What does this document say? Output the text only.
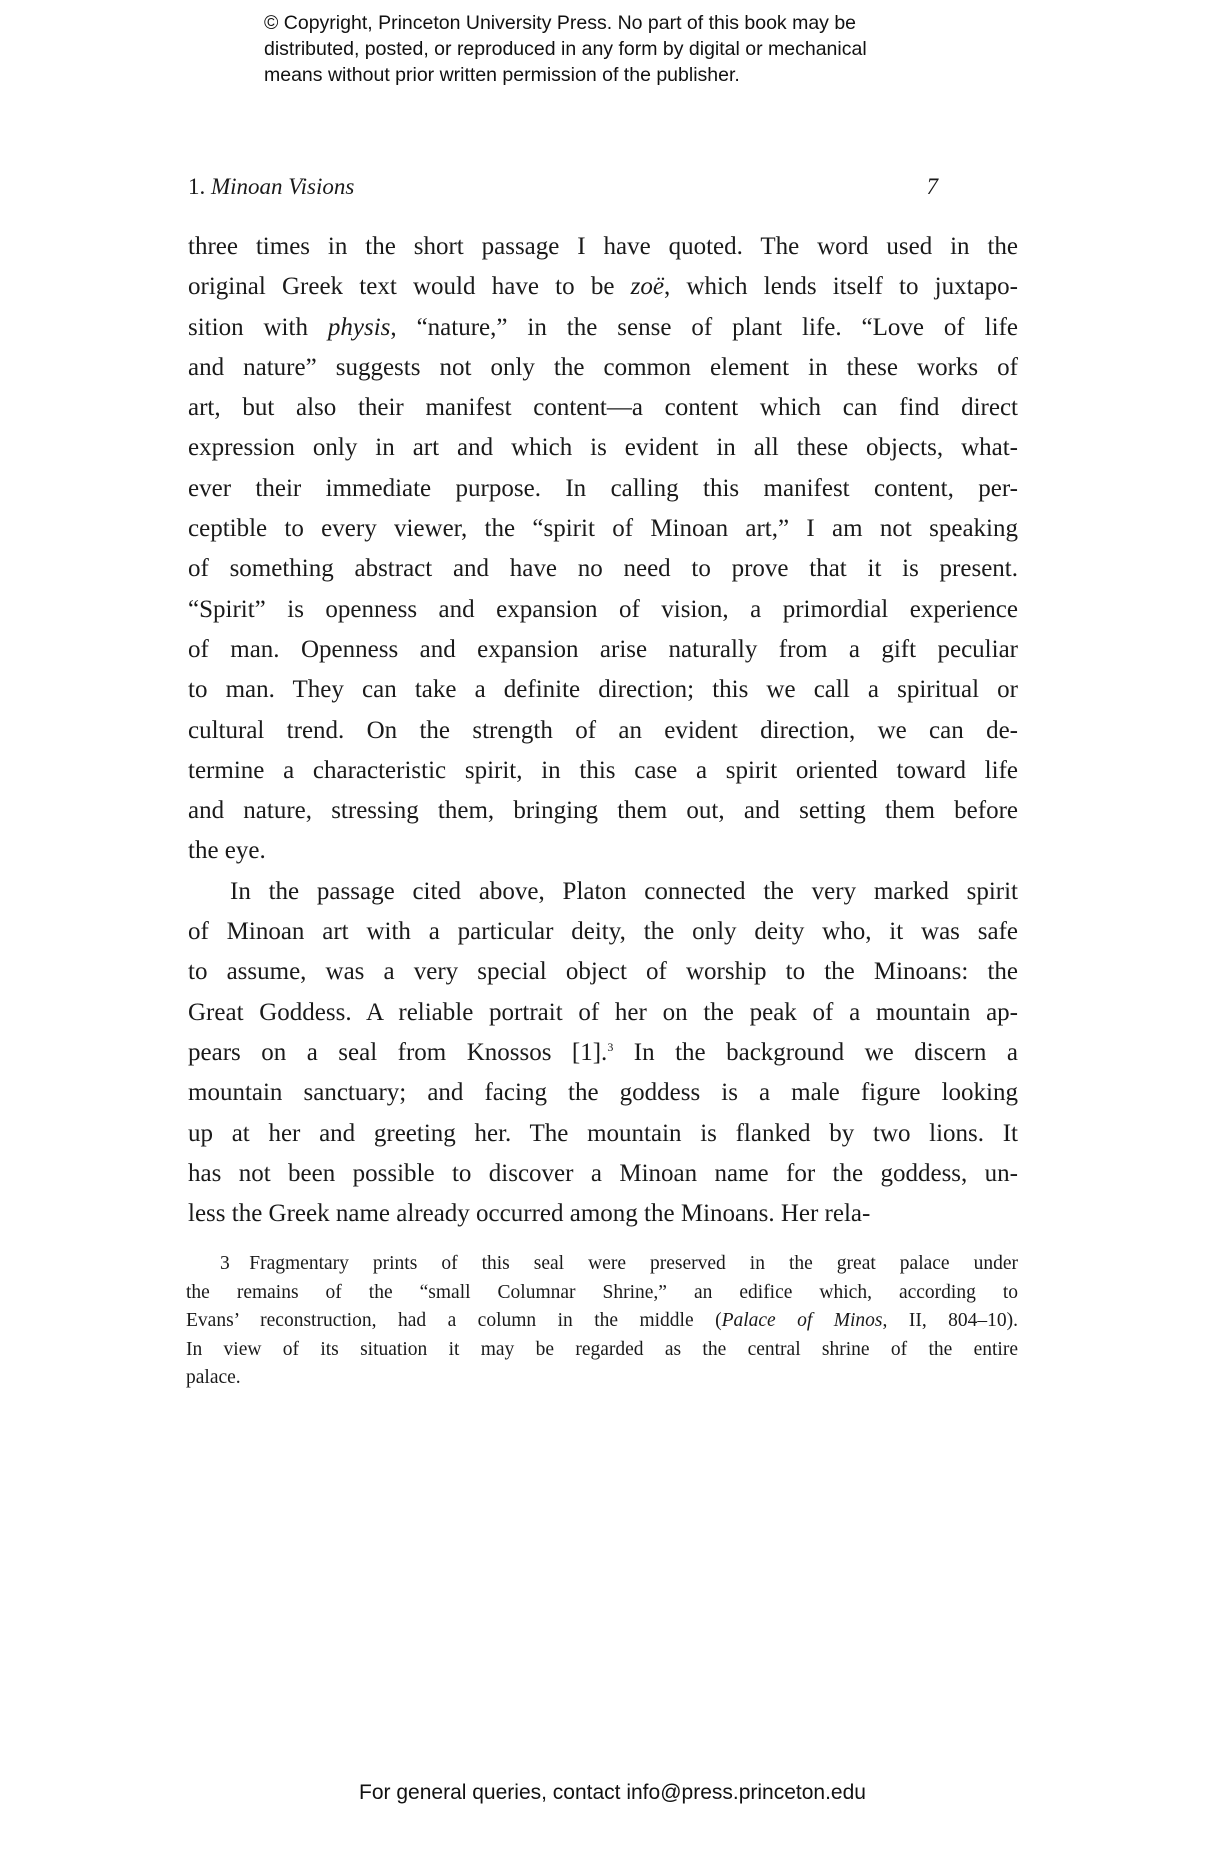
© Copyright, Princeton University Press. No part of this book may be
distributed, posted, or reproduced in any form by digital or mechanical
means without prior written permission of the publisher.
1. Minoan Visions	7
three times in the short passage I have quoted. The word used in the
original Greek text would have to be zoë, which lends itself to juxtapo-
sition with physis, “nature,” in the sense of plant life. “Love of life
and nature” suggests not only the common element in these works of
art, but also their manifest content—a content which can find direct
expression only in art and which is evident in all these objects, what-
ever their immediate purpose. In calling this manifest content, per-
ceptible to every viewer, the “spirit of Minoan art,” I am not speaking
of something abstract and have no need to prove that it is present.
“Spirit” is openness and expansion of vision, a primordial experience
of man. Openness and expansion arise naturally from a gift peculiar
to man. They can take a definite direction; this we call a spiritual or
cultural trend. On the strength of an evident direction, we can de-
termine a characteristic spirit, in this case a spirit oriented toward life
and nature, stressing them, bringing them out, and setting them before
the eye.
In the passage cited above, Platon connected the very marked spirit
of Minoan art with a particular deity, the only deity who, it was safe
to assume, was a very special object of worship to the Minoans: the
Great Goddess. A reliable portrait of her on the peak of a mountain ap-
pears on a seal from Knossos [1].$^3$ In the background we discern a
mountain sanctuary; and facing the goddess is a male figure looking
up at her and greeting her. The mountain is flanked by two lions. It
has not been possible to discover a Minoan name for the goddess, un-
less the Greek name already occurred among the Minoans. Her rela-
3  Fragmentary prints of this seal were preserved in the great palace under
the remains of the “small Columnar Shrine,” an edifice which, according to
Evans’ reconstruction, had a column in the middle (Palace of Minos, II, 804–10).
In view of its situation it may be regarded as the central shrine of the entire
palace.
For general queries, contact info@press.princeton.edu
